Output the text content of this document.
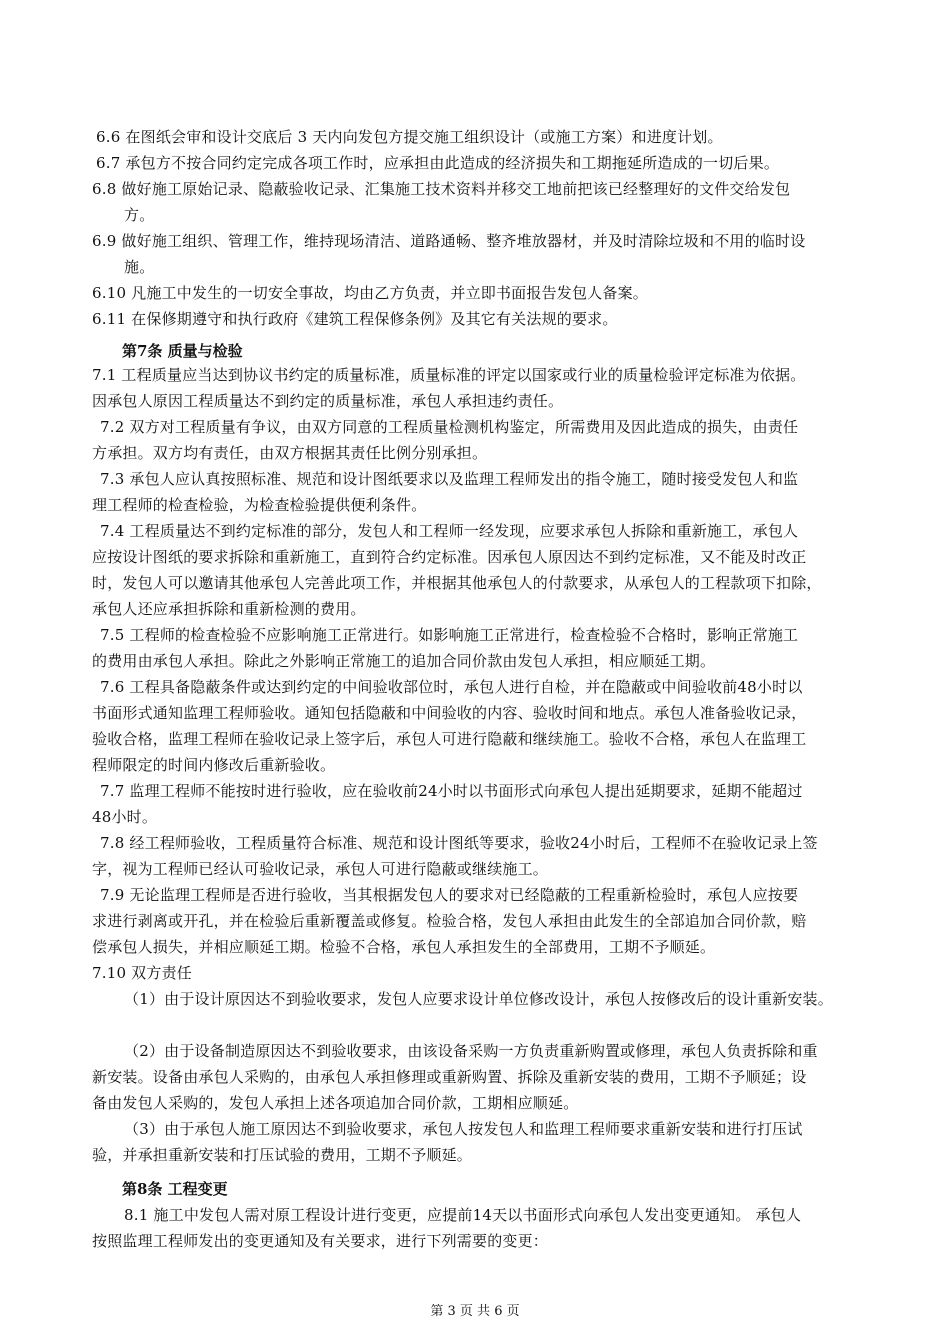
6.6 在图纸会审和设计交底后 3 天内向发包方提交施工组织设计（或施工方案）和进度计划。
6.7 承包方不按合同约定完成各项工作时，应承担由此造成的经济损失和工期拖延所造成的一切后果。
6.8 做好施工原始记录、隐蔽验收记录、汇集施工技术资料并移交工地前把该已经整理好的文件交给发包
方。
6.9 做好施工组织、管理工作，维持现场清洁、道路通畅、整齐堆放器材，并及时清除垃圾和不用的临时设
施。
6.10 凡施工中发生的一切安全事故，均由乙方负责，并立即书面报告发包人备案。
6.11 在保修期遵守和执行政府《建筑工程保修条例》及其它有关法规的要求。
第7条 质量与检验
7.1 工程质量应当达到协议书约定的质量标准，质量标准的评定以国家或行业的质量检验评定标准为依据。
因承包人原因工程质量达不到约定的质量标准，承包人承担违约责任。
7.2 双方对工程质量有争议，由双方同意的工程质量检测机构鉴定，所需费用及因此造成的损失，由责任
方承担。双方均有责任，由双方根据其责任比例分别承担。
7.3 承包人应认真按照标准、规范和设计图纸要求以及监理工程师发出的指令施工，随时接受发包人和监
理工程师的检查检验，为检查检验提供便利条件。
7.4 工程质量达不到约定标准的部分，发包人和工程师一经发现，应要求承包人拆除和重新施工，承包人
应按设计图纸的要求拆除和重新施工，直到符合约定标准。因承包人原因达不到约定标准，又不能及时改正
时，发包人可以邀请其他承包人完善此项工作，并根据其他承包人的付款要求，从承包人的工程款项下扣除，
承包人还应承担拆除和重新检测的费用。
7.5 工程师的检查检验不应影响施工正常进行。如影响施工正常进行，检查检验不合格时，影响正常施工
的费用由承包人承担。除此之外影响正常施工的追加合同价款由发包人承担，相应顺延工期。
7.6 工程具备隐蔽条件或达到约定的中间验收部位时，承包人进行自检，并在隐蔽或中间验收前48小时以
书面形式通知监理工程师验收。通知包括隐蔽和中间验收的内容、验收时间和地点。承包人准备验收记录，
验收合格，监理工程师在验收记录上签字后，承包人可进行隐蔽和继续施工。验收不合格，承包人在监理工
程师限定的时间内修改后重新验收。
7.7 监理工程师不能按时进行验收，应在验收前24小时以书面形式向承包人提出延期要求，延期不能超过
48小时。
7.8 经工程师验收，工程质量符合标准、规范和设计图纸等要求，验收24小时后，工程师不在验收记录上签
字，视为工程师已经认可验收记录，承包人可进行隐蔽或继续施工。
7.9 无论监理工程师是否进行验收，当其根据发包人的要求对已经隐蔽的工程重新检验时，承包人应按要
求进行剥离或开孔，并在检验后重新覆盖或修复。检验合格，发包人承担由此发生的全部追加合同价款，赔
偿承包人损失，并相应顺延工期。检验不合格，承包人承担发生的全部费用，工期不予顺延。
7.10 双方责任
（1）由于设计原因达不到验收要求，发包人应要求设计单位修改设计，承包人按修改后的设计重新安装。
（2）由于设备制造原因达不到验收要求，由该设备采购一方负责重新购置或修理，承包人负责拆除和重
新安装。设备由承包人采购的，由承包人承担修理或重新购置、拆除及重新安装的费用，工期不予顺延；设
备由发包人采购的，发包人承担上述各项追加合同价款，工期相应顺延。
（3）由于承包人施工原因达不到验收要求，承包人按发包人和监理工程师要求重新安装和进行打压试
验，并承担重新安装和打压试验的费用，工期不予顺延。
第8条 工程变更
8.1 施工中发包人需对原工程设计进行变更，应提前14天以书面形式向承包人发出变更通知。 承包人
按照监理工程师发出的变更通知及有关要求，进行下列需要的变更：
第 3 页 共 6 页
